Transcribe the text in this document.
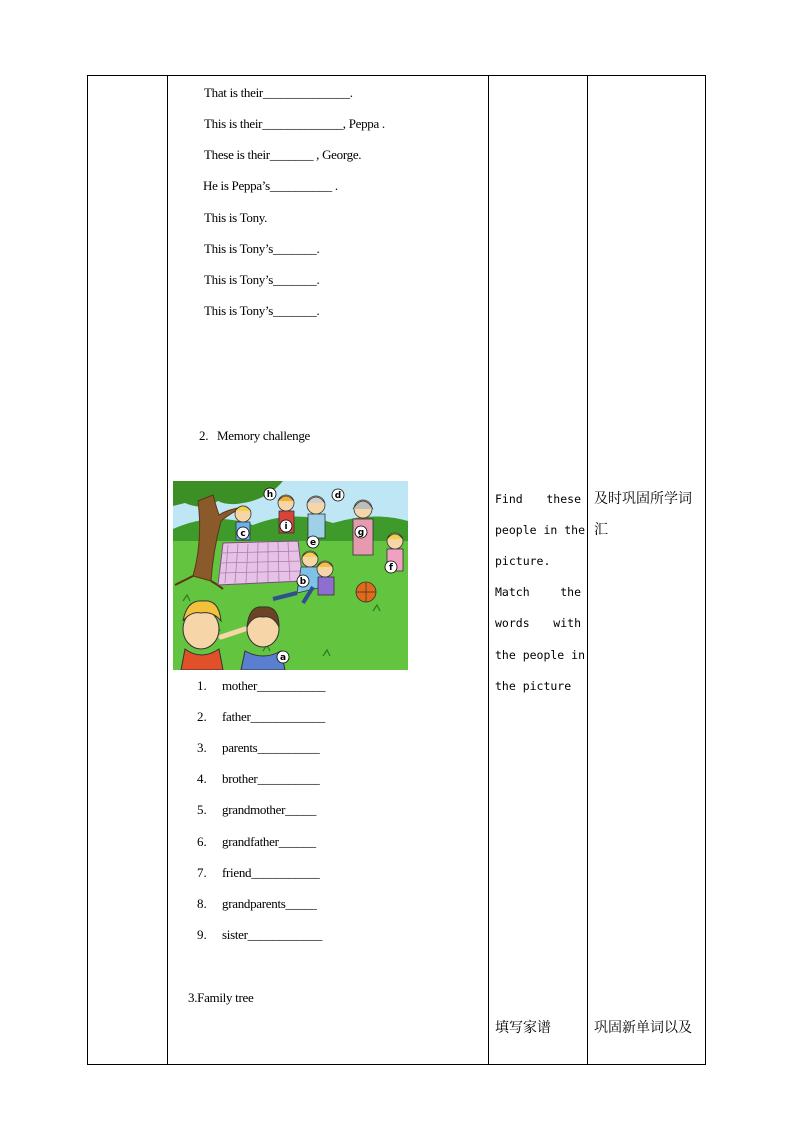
That is their______________.
This is their_____________, Peppa .
These is their_______ , George.
He is Peppa’s__________ .
This is Tony.
This is Tony’s_______.
This is Tony’s_______.
This is Tony’s_______.
2. Memory challenge
h	d
c
i
g
e
b
f
a
1. mother___________
2. father____________
3. parents__________
4. brother__________
5. grandmother_____
6. grandfather______
7. friend___________
8. grandparents_____
9. sister____________
3.Family tree
Find these
people in the
picture.
Match	the
words with
the people in
the picture
填写家谱
及时巩固所学词
汇
巩固新单词以及
